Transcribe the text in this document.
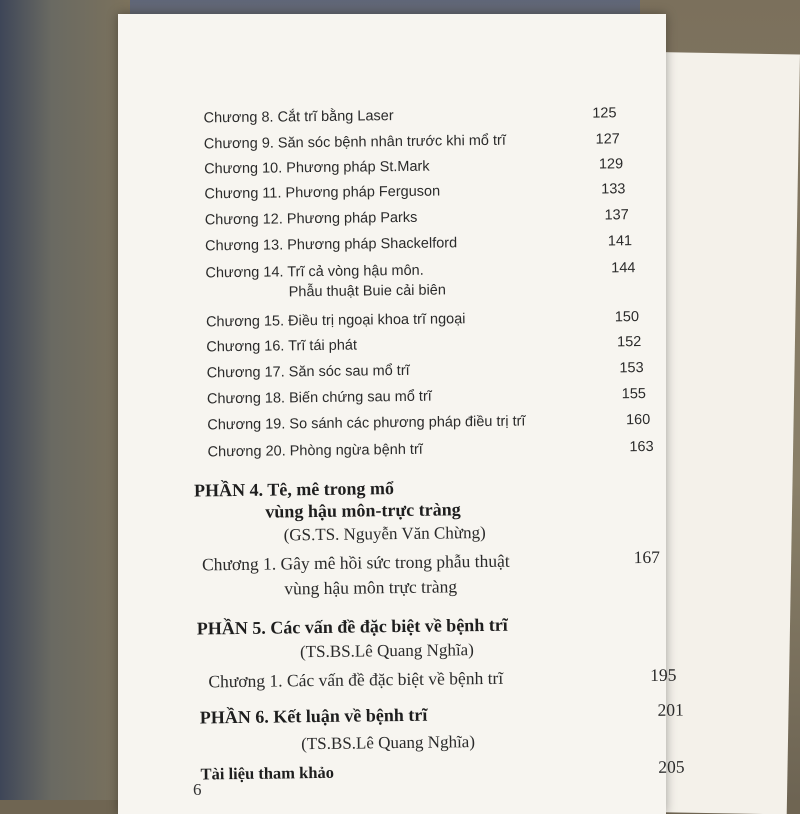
Chương 8. Cắt trĩ bằng Laser	125
Chương 9. Săn sóc bệnh nhân trước khi mổ trĩ	127
Chương 10. Phương pháp St.Mark	129
Chương 11. Phương pháp Ferguson	133
Chương 12. Phương pháp Parks	137
Chương 13. Phương pháp Shackelford	141
Chương 14. Trĩ cả vòng hậu môn.	144
Phẫu thuật Buie cải biên
Chương 15. Điều trị ngoại khoa trĩ ngoại	150
Chương 16. Trĩ tái phát	152
Chương 17. Săn sóc sau mổ trĩ	153
Chương 18. Biến chứng sau mổ trĩ	155
Chương 19. So sánh các phương pháp điều trị trĩ	160
Chương 20. Phòng ngừa bệnh trĩ	163
PHẦN 4. Tê, mê trong mổ
vùng hậu môn-trực tràng
(GS.TS. Nguyễn Văn Chừng)
Chương 1. Gây mê hồi sức trong phẫu thuật	167
vùng hậu môn trực tràng
PHẦN 5. Các vấn đề đặc biệt về bệnh trĩ
(TS.BS.Lê Quang Nghĩa)
Chương 1. Các vấn đề đặc biệt về bệnh trĩ	195
PHẦN 6. Kết luận về bệnh trĩ	201
(TS.BS.Lê Quang Nghĩa)
Tài liệu tham khảo	205
6
